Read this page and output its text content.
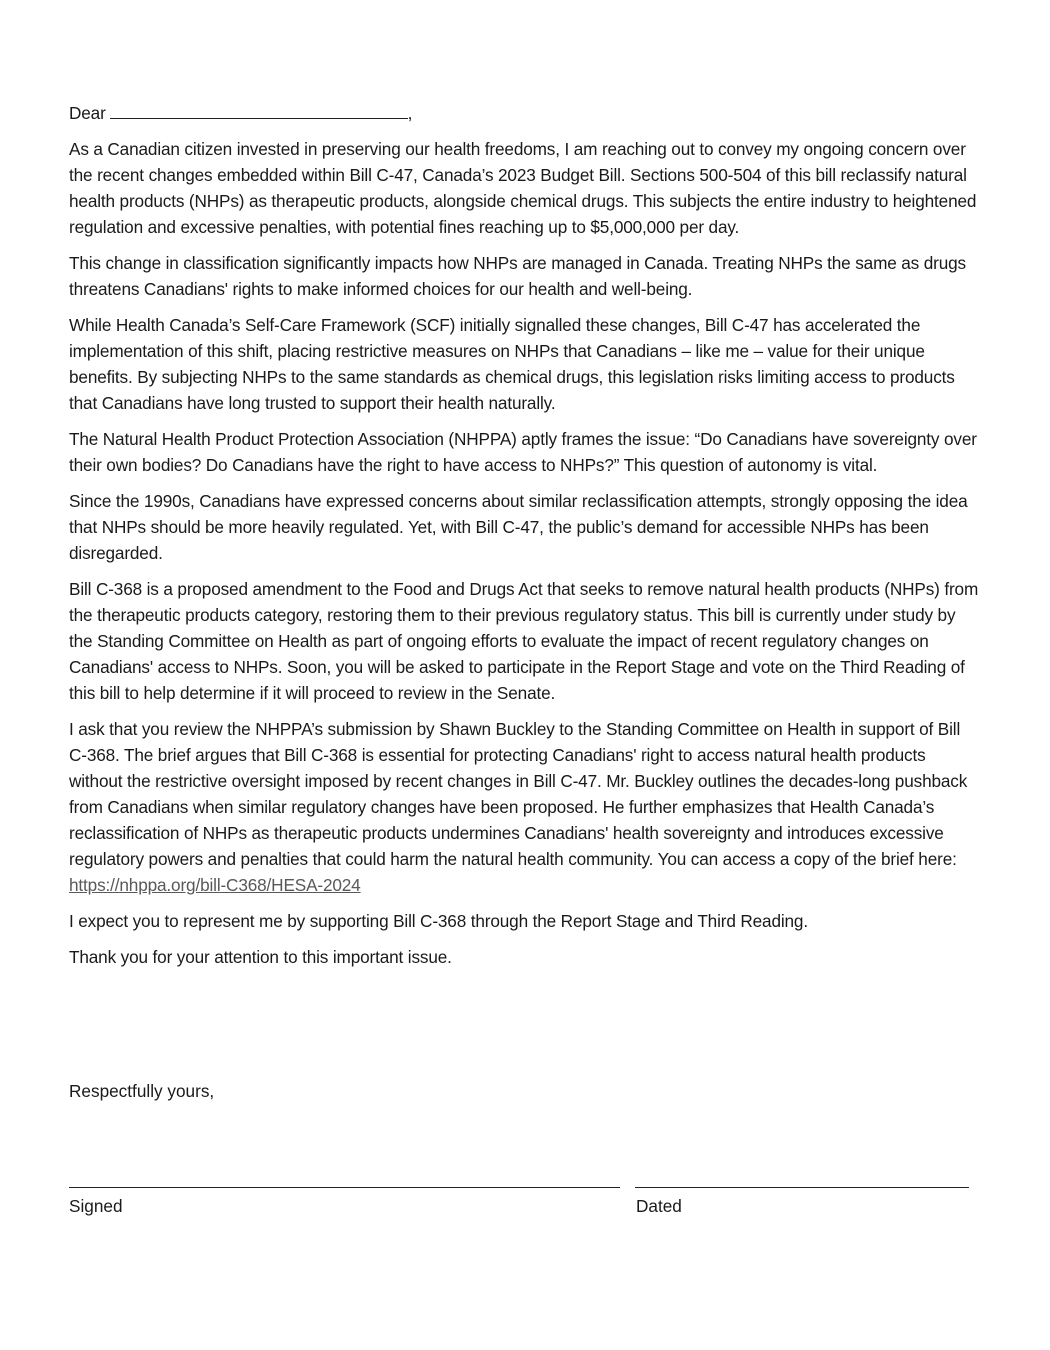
Dear	,

As a Canadian citizen invested in preserving our health freedoms, I am reaching out to convey my ongoing concern over the recent changes embedded within Bill C-47, Canada’s 2023 Budget Bill. Sections 500-504 of this bill reclassify natural health products (NHPs) as therapeutic products, alongside chemical drugs. This subjects the entire industry to heightened regulation and excessive penalties, with potential fines reaching up to $5,000,000 per day.

This change in classification significantly impacts how NHPs are managed in Canada. Treating NHPs the same as drugs threatens Canadians' rights to make informed choices for our health and well-being.

While Health Canada’s Self-Care Framework (SCF) initially signalled these changes, Bill C-47 has accelerated the implementation of this shift, placing restrictive measures on NHPs that Canadians – like me – value for their unique benefits. By subjecting NHPs to the same standards as chemical drugs, this legislation risks limiting access to products that Canadians have long trusted to support their health naturally.

The Natural Health Product Protection Association (NHPPA) aptly frames the issue: “Do Canadians have sovereignty over their own bodies? Do Canadians have the right to have access to NHPs?” This question of autonomy is vital.

Since the 1990s, Canadians have expressed concerns about similar reclassification attempts, strongly opposing the idea that NHPs should be more heavily regulated. Yet, with Bill C-47, the public’s demand for accessible NHPs has been disregarded.

Bill C-368 is a proposed amendment to the Food and Drugs Act that seeks to remove natural health products (NHPs) from the therapeutic products category, restoring them to their previous regulatory status. This bill is currently under study by the Standing Committee on Health as part of ongoing efforts to evaluate the impact of recent regulatory changes on Canadians' access to NHPs. Soon, you will be asked to participate in the Report Stage and vote on the Third Reading of this bill to help determine if it will proceed to review in the Senate.

I ask that you review the NHPPA’s submission by Shawn Buckley to the Standing Committee on Health in support of Bill C-368. The brief argues that Bill C-368 is essential for protecting Canadians' right to access natural health products without the restrictive oversight imposed by recent changes in Bill C-47. Mr. Buckley outlines the decades-long pushback from Canadians when similar regulatory changes have been proposed. He further emphasizes that Health Canada’s reclassification of NHPs as therapeutic products undermines Canadians' health sovereignty and introduces excessive regulatory powers and penalties that could harm the natural health community. You can access a copy of the brief here: https://nhppa.org/bill-C368/HESA-2024

I expect you to represent me by supporting Bill C-368 through the Report Stage and Third Reading.

Thank you for your attention to this important issue.

Respectfully yours,
Signed	Dated
